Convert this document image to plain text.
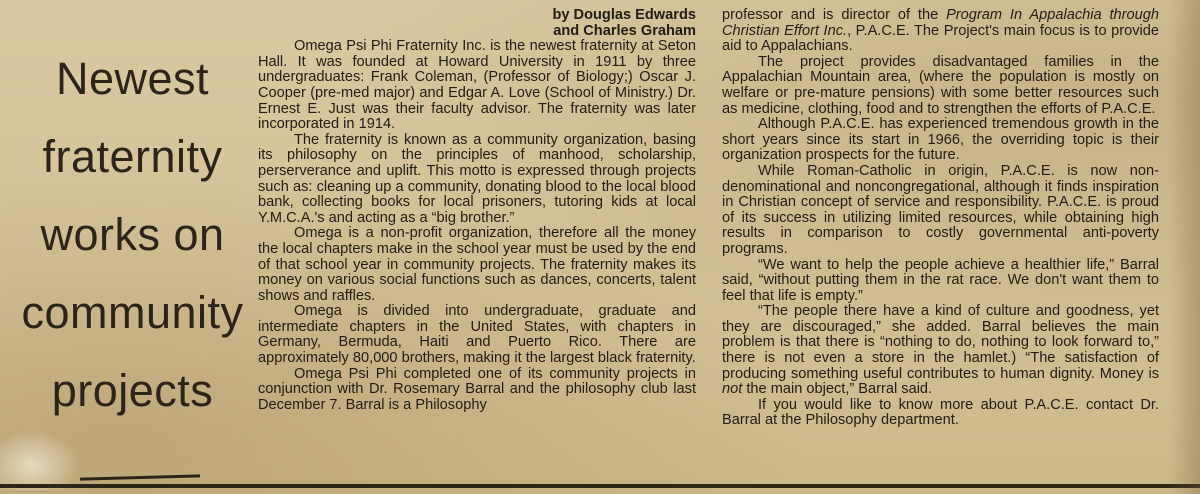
Newest
fraternity
works on
community
projects
by Douglas Edwards
and Charles Graham

Omega Psi Phi Fraternity Inc. is the newest fraternity at Seton Hall. It was founded at Howard University in 1911 by three undergraduates: Frank Coleman, (Professor of Biology;) Oscar J. Cooper (pre-med major) and Edgar A. Love (School of Ministry.) Dr. Ernest E. Just was their faculty advisor. The fraternity was later incorporated in 1914.

The fraternity is known as a community organization, basing its philosophy on the principles of manhood, scholarship, perserverance and uplift. This motto is expressed through projects such as: cleaning up a community, donating blood to the local blood bank, collecting books for local prisoners, tutoring kids at local Y.M.C.A.'s and acting as a “big brother.”

Omega is a non-profit organization, therefore all the money the local chapters make in the school year must be used by the end of that school year in community projects. The fraternity makes its money on various social functions such as dances, concerts, talent shows and raffles.

Omega is divided into undergraduate, graduate and intermediate chapters in the United States, with chapters in Germany, Bermuda, Haiti and Puerto Rico. There are approximately 80,000 brothers, making it the largest black fraternity.

Omega Psi Phi completed one of its community projects in conjunction with Dr. Rosemary Barral and the philosophy club last December 7. Barral is a Philosophy

professor and is director of the Program In Appalachia through Christian Effort Inc., P.A.C.E. The Project's main focus is to provide aid to Appalachians.

The project provides disadvantaged families in the Appalachian Mountain area, (where the population is mostly on welfare or pre-mature pensions) with some better resources such as medicine, clothing, food and to strengthen the efforts of P.A.C.E.

Although P.A.C.E. has experienced tremendous growth in the short years since its start in 1966, the overriding topic is their organization prospects for the future.

While Roman-Catholic in origin, P.A.C.E. is now non-denominational and noncongregational, although it finds inspiration in Christian concept of service and responsibility. P.A.C.E. is proud of its success in utilizing limited resources, while obtaining high results in comparison to costly governmental anti-poverty programs.

“We want to help the people achieve a healthier life,” Barral said, “without putting them in the rat race. We don't want them to feel that life is empty.”

“The people there have a kind of culture and goodness, yet they are discouraged,” she added. Barral believes the main problem is that there is “nothing to do, nothing to look forward to,” there is not even a store in the hamlet.) “The satisfaction of producing something useful contributes to human dignity. Money is not the main object,” Barral said.

If you would like to know more about P.A.C.E. contact Dr. Barral at the Philosophy department.
